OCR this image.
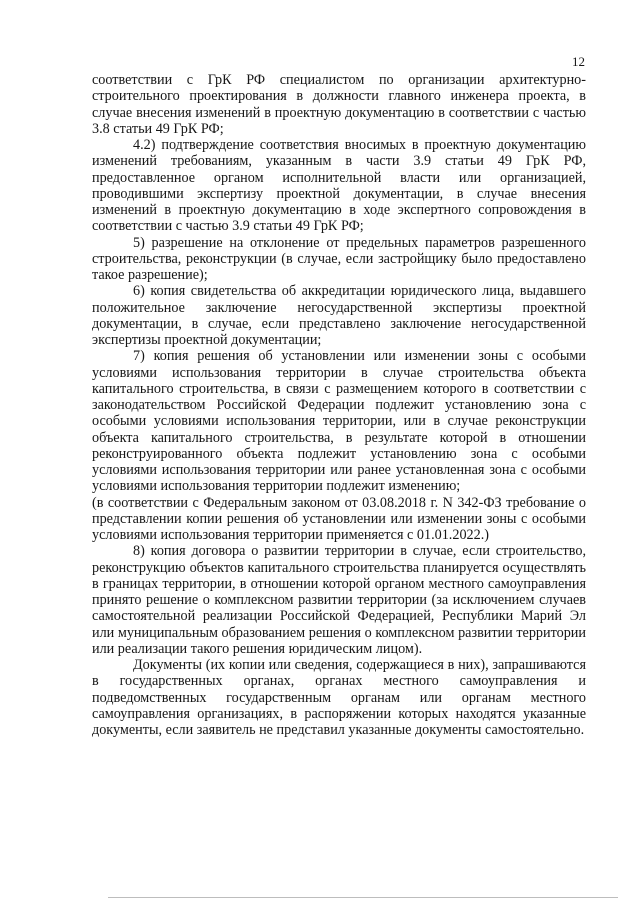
12

соответствии с ГрК РФ специалистом по организации архитектурно-строительного проектирования в должности главного инженера проекта, в случае внесения изменений в проектную документацию в соответствии с частью 3.8 статьи 49 ГрК РФ;

4.2) подтверждение соответствия вносимых в проектную документацию изменений требованиям, указанным в части 3.9 статьи 49 ГрК РФ, предоставленное органом исполнительной власти или организацией, проводившими экспертизу проектной документации, в случае внесения изменений в проектную документацию в ходе экспертного сопровождения в соответствии с частью 3.9 статьи 49 ГрК РФ;

5) разрешение на отклонение от предельных параметров разрешенного строительства, реконструкции (в случае, если застройщику было предоставлено такое разрешение);

6) копия свидетельства об аккредитации юридического лица, выдавшего положительное заключение негосударственной экспертизы проектной документации, в случае, если представлено заключение негосударственной экспертизы проектной документации;

7) копия решения об установлении или изменении зоны с особыми условиями использования территории в случае строительства объекта капитального строительства, в связи с размещением которого в соответствии с законодательством Российской Федерации подлежит установлению зона с особыми условиями использования территории, или в случае реконструкции объекта капитального строительства, в результате которой в отношении реконструированного объекта подлежит установлению зона с особыми условиями использования территории или ранее установленная зона с особыми условиями использования территории подлежит изменению;

(в соответствии с Федеральным законом от 03.08.2018 г. N 342-ФЗ требование о представлении копии решения об установлении или изменении зоны с особыми условиями использования территории применяется с 01.01.2022.)

8) копия договора о развитии территории в случае, если строительство, реконструкцию объектов капитального строительства планируется осуществлять в границах территории, в отношении которой органом местного самоуправления принято решение о комплексном развитии территории (за исключением случаев самостоятельной реализации Российской Федерацией, Республики Марий Эл или муниципальным образованием решения о комплексном развитии территории или реализации такого решения юридическим лицом).

Документы (их копии или сведения, содержащиеся в них), запрашиваются в государственных органах, органах местного самоуправления и подведомственных государственным органам или органам местного самоуправления организациях, в распоряжении которых находятся указанные документы, если заявитель не представил указанные документы самостоятельно.
